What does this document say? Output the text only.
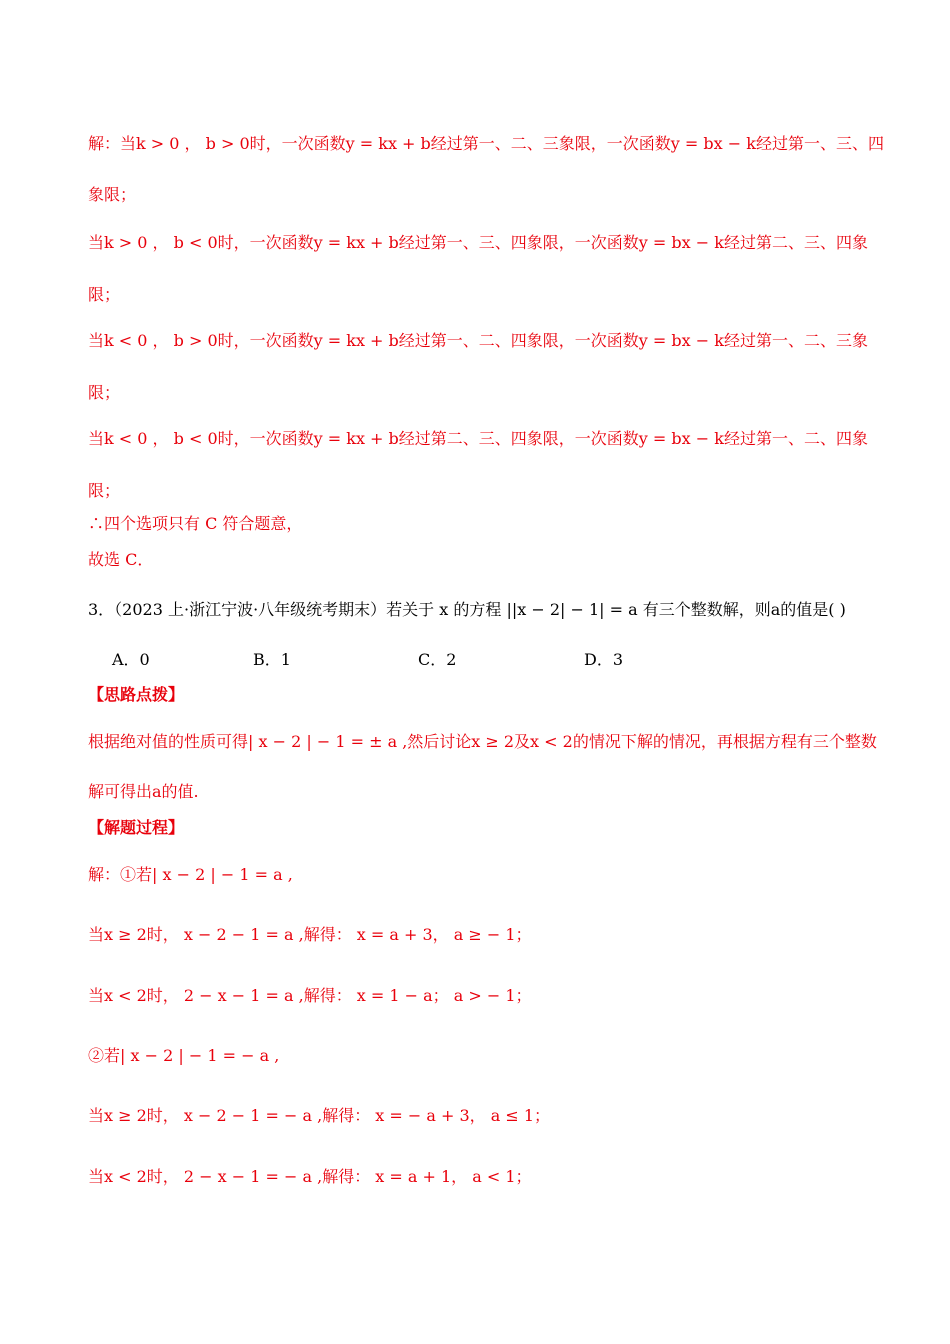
解：当k > 0 ， b > 0时，一次函数y = kx + b经过第一、二、三象限，一次函数y = bx − k经过第一、三、四
象限；
当k > 0 ， b < 0时，一次函数y = kx + b经过第一、三、四象限，一次函数y = bx − k经过第二、三、四象
限；
当k < 0 ， b > 0时，一次函数y = kx + b经过第一、二、四象限，一次函数y = bx − k经过第一、二、三象
限；
当k < 0 ， b < 0时，一次函数y = kx + b经过第二、三、四象限，一次函数y = bx − k经过第一、二、四象
限；
∴四个选项只有 C 符合题意，
故选 C．
3．（2023 上·浙江宁波·八年级统考期末）若关于 x 的方程 ||x − 2| − 1| = a 有三个整数解，则a的值是( )
A．0	B．1	C．2	D．3
【思路点拨】
根据绝对值的性质可得| x − 2 | − 1 = ± a ,然后讨论x ≥ 2及x < 2的情况下解的情况，再根据方程有三个整数
解可得出a的值.
【解题过程】
解：①若| x − 2 | − 1 = a ,
当x ≥ 2时， x − 2 − 1 = a ,解得： x = a + 3， a ≥ − 1；
当x < 2时， 2 − x − 1 = a ,解得： x = 1 − a； a > − 1；
②若| x − 2 | − 1 = − a ,
当x ≥ 2时， x − 2 − 1 = − a ,解得： x = − a + 3， a ≤ 1；
当x < 2时， 2 − x − 1 = − a ,解得： x = a + 1， a < 1；
